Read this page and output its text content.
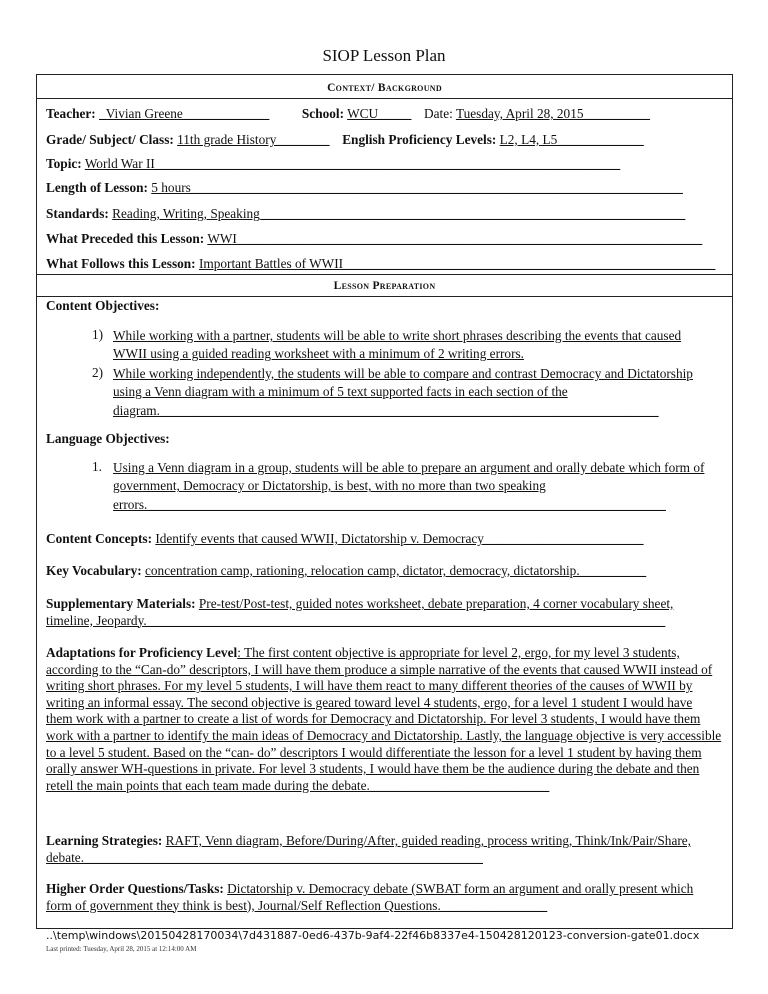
SIOP Lesson Plan
Context/ Background
Teacher: _Vivian Greene_____________ School: WCU_____ Date: Tuesday, April 28, 2015__________
Grade/ Subject/ Class: 11th grade History________ English Proficiency Levels: L2, L4, L5_____________
Topic: World War II______________________________________________________________________
Length of Lesson: 5 hours__________________________________________________________________________
Standards: Reading, Writing, Speaking________________________________________________________________
What Preceded this Lesson: WWI______________________________________________________________________
What Follows this Lesson: Important Battles of WWII________________________________________________________
Lesson Preparation
Content Objectives:
1) While working with a partner, students will be able to write short phrases describing the events that caused WWII using a guided reading worksheet with a minimum of 2 writing errors.
2) While working independently, the students will be able to compare and contrast Democracy and Dictatorship using a Venn diagram with a minimum of 5 text supported facts in each section of the diagram.___________________________________________________________________________
Language Objectives:
1. Using a Venn diagram in a group, students will be able to prepare an argument and orally debate which form of government, Democracy or Dictatorship, is best, with no more than two speaking errors.______________________________________________________________________________
Content Concepts: Identify events that caused WWII, Dictatorship v. Democracy________________________
Key Vocabulary: concentration camp, rationing, relocation camp, dictator, democracy, dictatorship.__________
Supplementary Materials: Pre-test/Post-test, guided notes worksheet, debate preparation, 4 corner vocabulary sheet, timeline, Jeopardy.______________________________________________________________________________
Adaptations for Proficiency Level: The first content objective is appropriate for level 2, ergo, for my level 3 students, according to the “Can-do” descriptors, I will have them produce a simple narrative of the events that caused WWII instead of writing short phrases. For my level 5 students, I will have them react to many different theories of the causes of WWII by writing an informal essay. The second objective is geared toward level 4 students, ergo, for a level 1 student I would have them work with a partner to create a list of words for Democracy and Dictatorship. For level 3 students, I would have them work with a partner to identify the main ideas of Democracy and Dictatorship. Lastly, the language objective is very accessible to a level 5 student. Based on the “can- do” descriptors I would differentiate the lesson for a level 1 student by having them orally answer WH-questions in private. For level 3 students, I would have them be the audience during the debate and then retell the main points that each team made during the debate.___________________________
Learning Strategies: RAFT, Venn diagram, Before/During/After, guided reading, process writing, Think/Ink/Pair/Share, debate.____________________________________________________________
Higher Order Questions/Tasks: Dictatorship v. Democracy debate (SWBAT form an argument and orally present which form of government they think is best), Journal/Self Reflection Questions.________________
..\temp\windows\20150428170034\7d431887-0ed6-437b-9af4-22f46b8337e4-150428120123-conversion-gate01.docx
Last printed: Tuesday, April 28, 2015 at 12:14:00 AM
